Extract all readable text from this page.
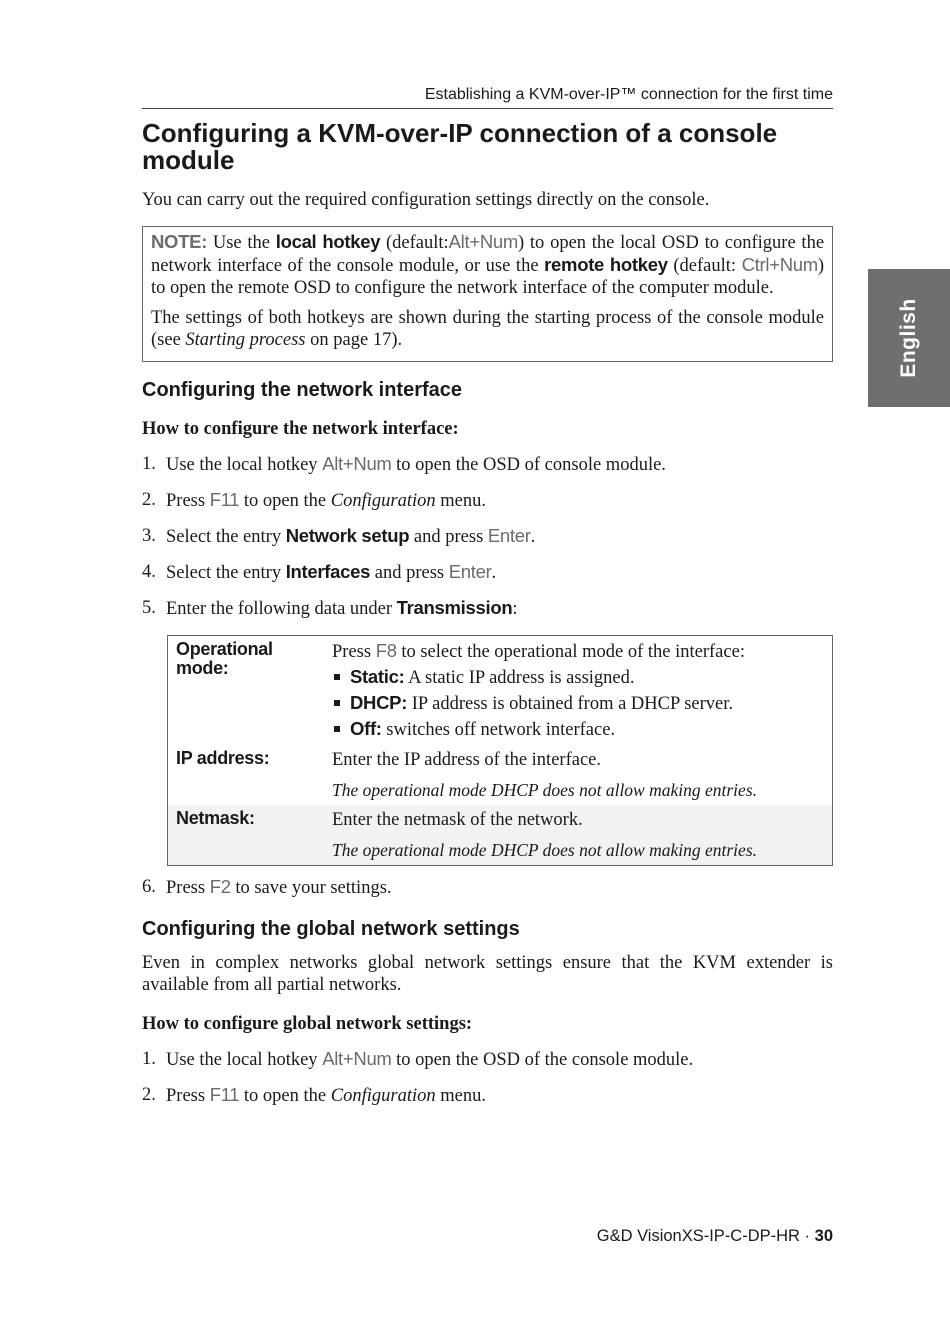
Establishing a KVM-over-IP™ connection for the first time
English
Configuring a KVM-over-IP connection of a console module

You can carry out the required configuration settings directly on the console.

NOTE: Use the local hotkey (default:Alt+Num) to open the local OSD to configure the network interface of the console module, or use the remote hotkey (default: Ctrl+Num) to open the remote OSD to configure the network interface of the computer module.

The settings of both hotkeys are shown during the starting process of the console module (see Starting process on page 17).

Configuring the network interface

How to configure the network interface:

1. Use the local hotkey Alt+Num to open the OSD of console module.
2. Press F11 to open the Configuration menu.
3. Select the entry Network setup and press Enter.
4. Select the entry Interfaces and press Enter.
5. Enter the following data under Transmission:
Operational mode:	Press F8 to select the operational mode of the interface:
Static: A static IP address is assigned.
DHCP: IP address is obtained from a DHCP server.
Off: switches off network interface.

IP address:	Enter the IP address of the interface.
The operational mode DHCP does not allow making entries.

Netmask:	Enter the netmask of the network.
The operational mode DHCP does not allow making entries.
6. Press F2 to save your settings.
Configuring the global network settings

Even in complex networks global network settings ensure that the KVM extender is available from all partial networks.

How to configure global network settings:

1. Use the local hotkey Alt+Num to open the OSD of the console module.
2. Press F11 to open the Configuration menu.
G&D VisionXS-IP-C-DP-HR · 30
